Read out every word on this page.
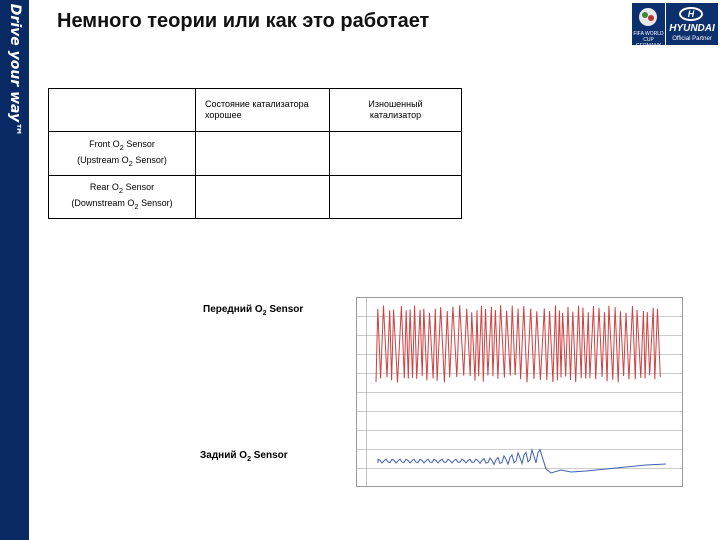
Drive your way™ Немного теории или как это работает
FIFA WORLD CUP GERMANY 2006
H
HYUNDAI
Official Partner

	Состояние катализатора хорошее	Изношенный катализатор

Front $O_2$ Sensor
(Upstream $O_2$ Sensor)		

Rear $O_2$ Sensor
(Downstream $O_2$ Sensor)		

Передний $O_2$ Sensor
Задний $O_2$ Sensor
